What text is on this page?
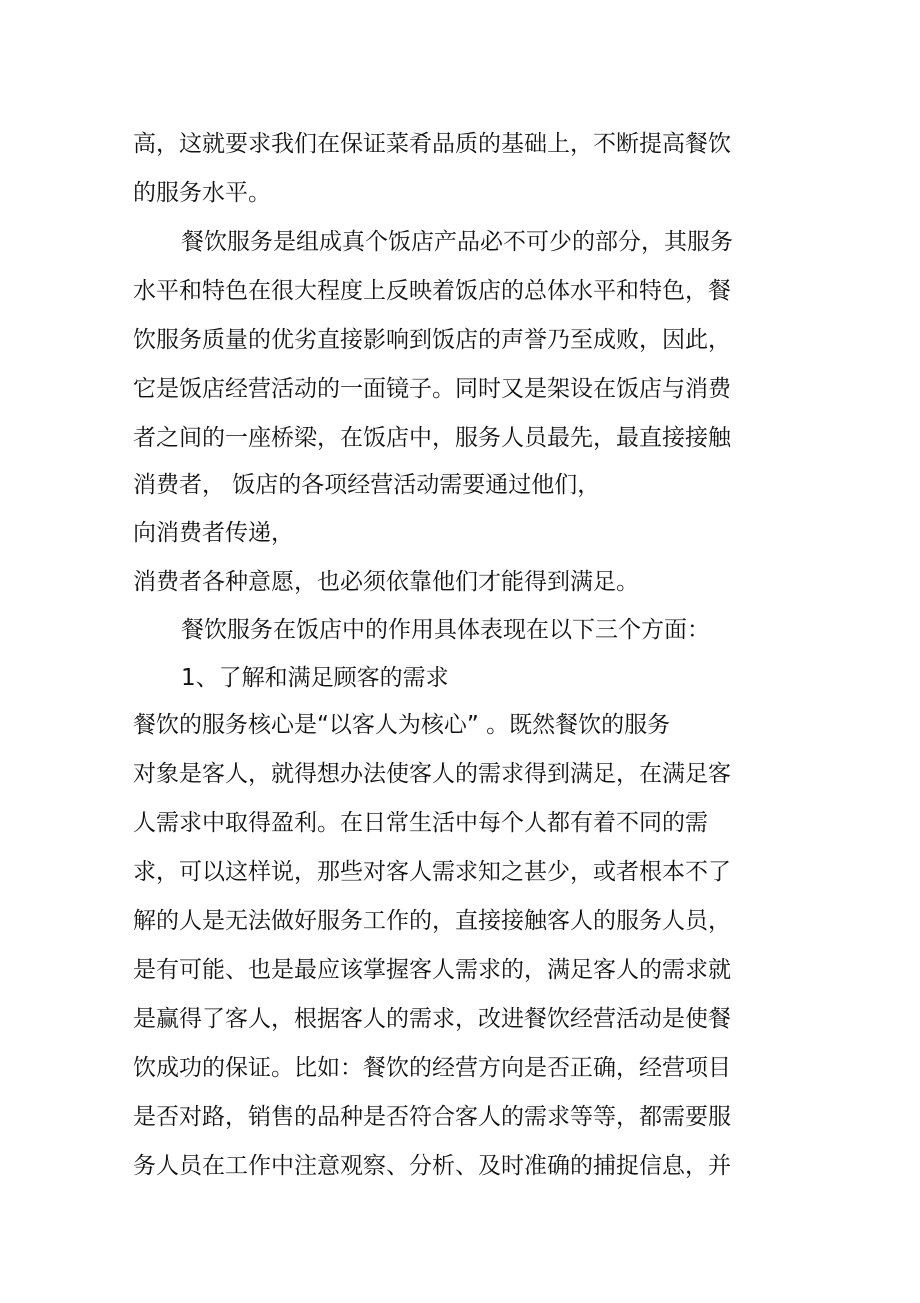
高，这就要求我们在保证菜肴品质的基础上，不断提高餐饮
的服务水平。
餐饮服务是组成真个饭店产品必不可少的部分，其服务
水平和特色在很大程度上反映着饭店的总体水平和特色，餐
饮服务质量的优劣直接影响到饭店的声誉乃至成败，因此，
它是饭店经营活动的一面镜子。同时又是架设在饭店与消费
者之间的一座桥梁，在饭店中，服务人员最先，最直接接触
消费者， 饭店的各项经营活动需要通过他们，
向消费者传递，
消费者各种意愿，也必须依靠他们才能得到满足。
餐饮服务在饭店中的作用具体表现在以下三个方面：
1、了解和满足顾客的需求
餐饮的服务核心是“以客人为核心” 。既然餐饮的服务
对象是客人，就得想办法使客人的需求得到满足，在满足客
人需求中取得盈利。在日常生活中每个人都有着不同的需
求，可以这样说，那些对客人需求知之甚少，或者根本不了
解的人是无法做好服务工作的，直接接触客人的服务人员，
是有可能、也是最应该掌握客人需求的，满足客人的需求就
是赢得了客人，根据客人的需求，改进餐饮经营活动是使餐
饮成功的保证。比如：餐饮的经营方向是否正确，经营项目
是否对路，销售的品种是否符合客人的需求等等，都需要服
务人员在工作中注意观察、分析、及时准确的捕捉信息，并
